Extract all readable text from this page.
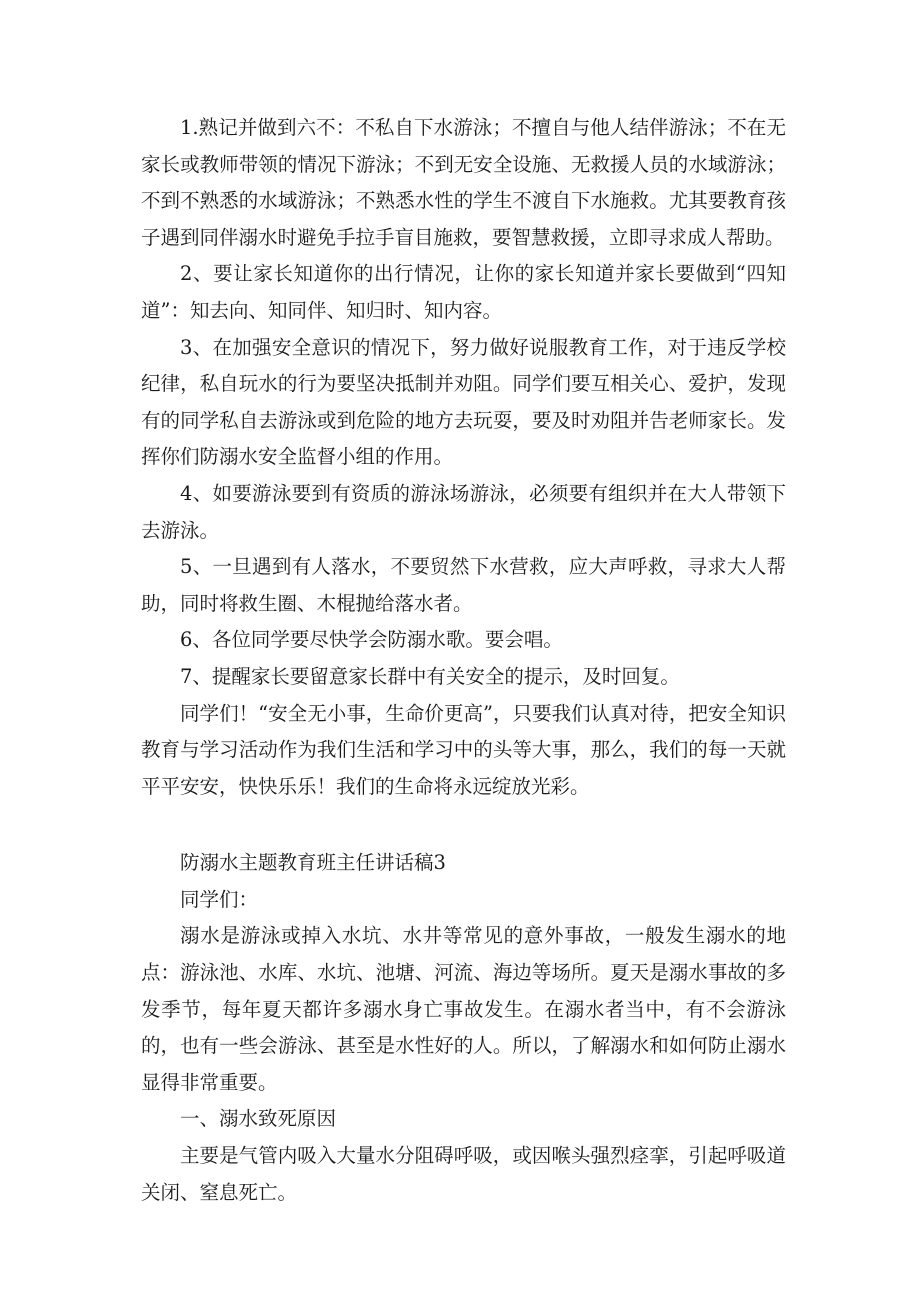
1.熟记并做到六不：不私自下水游泳；不擅自与他人结伴游泳；不在无家长或教师带领的情况下游泳；不到无安全设施、无救援人员的水域游泳；不到不熟悉的水域游泳；不熟悉水性的学生不渡自下水施救。尤其要教育孩子遇到同伴溺水时避免手拉手盲目施救，要智慧救援，立即寻求成人帮助。

2、要让家长知道你的出行情况，让你的家长知道并家长要做到“四知道”：知去向、知同伴、知归时、知内容。

3、在加强安全意识的情况下，努力做好说服教育工作，对于违反学校纪律，私自玩水的行为要坚决抵制并劝阻。同学们要互相关心、爱护，发现有的同学私自去游泳或到危险的地方去玩耍，要及时劝阻并告老师家长。发挥你们防溺水安全监督小组的作用。

4、如要游泳要到有资质的游泳场游泳，必须要有组织并在大人带领下去游泳。

5、一旦遇到有人落水，不要贸然下水营救，应大声呼救，寻求大人帮助，同时将救生圈、木棍抛给落水者。

6、各位同学要尽快学会防溺水歌。要会唱。

7、提醒家长要留意家长群中有关安全的提示，及时回复。

同学们！“安全无小事，生命价更高”，只要我们认真对待，把安全知识教育与学习活动作为我们生活和学习中的头等大事，那么，我们的每一天就平平安安，快快乐乐！我们的生命将永远绽放光彩。

防溺水主题教育班主任讲话稿3

同学们：

溺水是游泳或掉入水坑、水井等常见的意外事故，一般发生溺水的地点：游泳池、水库、水坑、池塘、河流、海边等场所。夏天是溺水事故的多发季节，每年夏天都许多溺水身亡事故发生。在溺水者当中，有不会游泳的，也有一些会游泳、甚至是水性好的人。所以，了解溺水和如何防止溺水显得非常重要。

一、溺水致死原因

主要是气管内吸入大量水分阻碍呼吸，或因喉头强烈痉挛，引起呼吸道关闭、窒息死亡。
